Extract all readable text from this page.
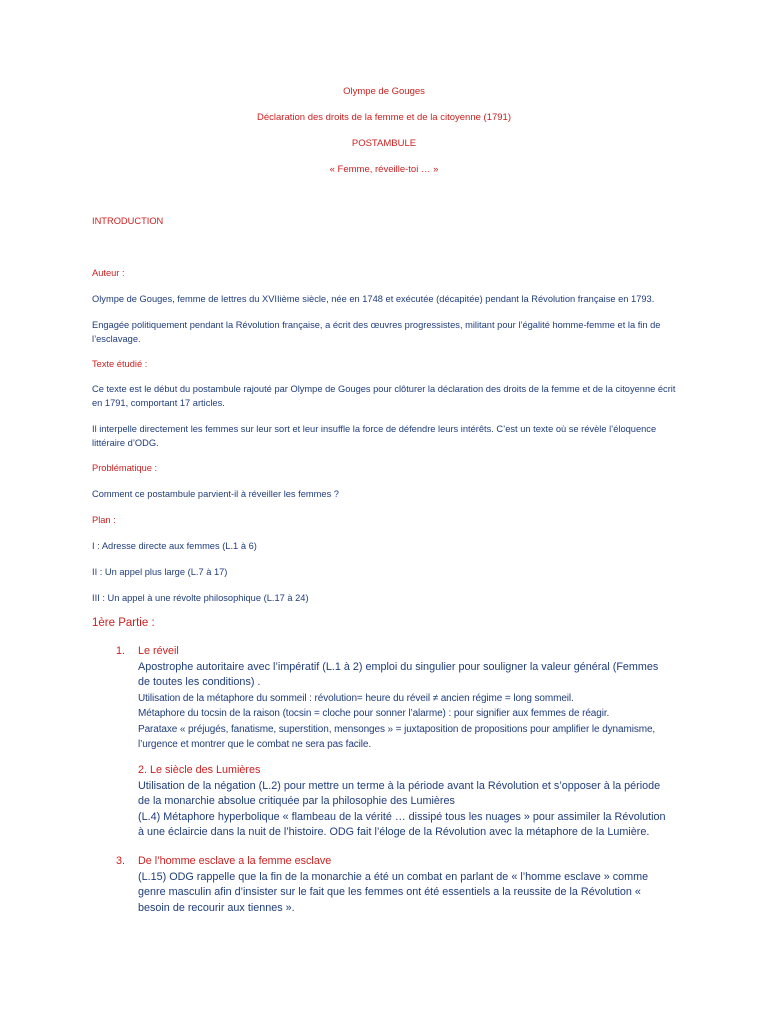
Olympe de Gouges
Déclaration des droits de la femme et de la citoyenne (1791)
POSTAMBULE
« Femme, réveille-toi … »
INTRODUCTION
Auteur :
Olympe de Gouges, femme de lettres du XVIIième siècle, née en 1748 et exécutée (décapitée) pendant la Révolution française en 1793.
Engagée politiquement pendant la Révolution française, a écrit des œuvres progressistes, militant pour l’égalité homme-femme et la fin de l’esclavage.
Texte étudié :
Ce texte est le début du postambule rajouté par Olympe de Gouges pour clôturer la déclaration des droits de la femme et de la citoyenne écrit en 1791, comportant 17 articles.
Il interpelle directement les femmes sur leur sort et leur insuffle la force de défendre leurs intérêts. C’est un texte où se révèle l’éloquence littéraire d’ODG.
Problématique :
Comment ce postambule parvient-il à réveiller les femmes ?
Plan :
I : Adresse directe aux femmes (L.1 à 6)
II : Un appel plus large (L.7 à 17)
III : Un appel à une révolte philosophique (L.17 à 24)
1ère Partie :
1.	Le réveil
Apostrophe autoritaire avec l’impératif (L.1 à 2) emploi du singulier pour souligner la valeur général (Femmes de toutes les conditions) .
Utilisation de la métaphore du sommeil : révolution= heure du réveil ≠ ancien régime = long sommeil.
Métaphore du tocsin de la raison (tocsin = cloche pour sonner l’alarme) : pour signifier aux femmes de réagir.
Parataxe « préjugés, fanatisme, superstition, mensonges » = juxtaposition de propositions pour amplifier le dynamisme, l’urgence et montrer que le combat ne sera pas facile.
2. Le siècle des Lumières
Utilisation de la négation (L.2) pour mettre un terme à la période avant la Révolution et s’opposer à la période de la monarchie absolue critiquée par la philosophie des Lumières
(L.4) Métaphore hyperbolique « flambeau de la vérité … dissipé tous les nuages » pour assimiler la Révolution à une éclaircie dans la nuit de l’histoire. ODG fait l’éloge de la Révolution avec la métaphore de la Lumière.
3.	De l’homme esclave a la femme esclave
(L.15) ODG rappelle que la fin de la monarchie a été un combat en parlant de « l’homme esclave » comme genre masculin afin d’insister sur le fait que les femmes ont été essentiels a la reussite de la Révolution « besoin de recourir aux tiennes ».
